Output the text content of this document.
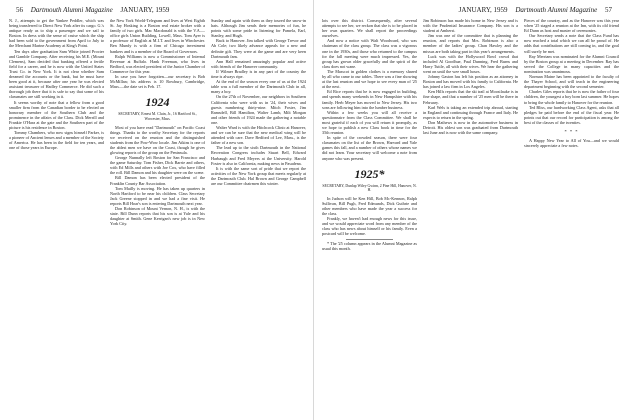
56 Dartmouth Alumni Magazine JANUARY, 1959

N. J., attempts to get the Yankee Peddler, which was being transferred to Direct New York after its cargo. G.'s antique ready as to ship a passenger and we sail to Boston. In dress with the sense of cruise which the ship had been sold to the government from April to July to the Merchant Marine Academy at King's Point.

Ten days after graduation Sam White joined Procter and Gamble Company. After receiving his M.E. (Mount Clemens), Sam decided that banking offered a fertile field for a career, and he is now with the United States Trust Co. in New York. It is not clear whether Sam dreamed the accounts or the bank, but he must have been good at it, because after one year he was elected assistant treasurer of Hadley Commerce. He did such a thorough job there that it is safe to say that some of his classmates are still working in it.

It seems worthy of note that a fellow from a good smaller firm from the Canadian border to be elected an honorary member of the Southern Club and the prominence in the affairs of the Class. Dick Merrill and Frankie O'Hara at the gate and the Southern part of the picture is his residence in Boston.

Tommy Chambers, who now signs himself Parker, is a pioneer of Ancient lenses and a member of the Society of America. He has been in the field for ten years, and one of those years in Europe.

the New York World-Telegram and lives at West Eighth St. Jay Hosking is a Boston real estate broker with a family of two girls. Mac Macdonald is with the V.A.—office girls Union Building, Lowell, Mass. Tom Ayer is a professor of English at M.I.T. and lives in Winchester. Ben Mundy is with a firm of Chicago investment bankers and is a member of the Board of Governors.

Ralph Williams is now a Commissioner of Internal Revenue at Buffalo. Hank Freeman, who lives in Bedford, was elected president of the Junior Chamber of Commerce for this year.

In case you have forgotten—our secretary is Bob McMillan; his address is 10 Rowbury, Cambridge, Mass.—the date set is Feb. 17.

1924
SECRETARY, Ernest M. Cluin, Jr., 16 Hartford St., Worcester, Mass.

Most of you have read "Dartmouth" on Pacific Coast things. Thanks to the worthy Secretary for the reports we received on the reunion and the distinguished students from the Pow-Wow locale. Jim Atkins is one of the ablest men we have on the Coast, though he gives glowing reports of the group on the Peninsula.

George Nunnally left Boston for San Francisco and the game Saturday. Tom Fisher, Dick Barrie and others, with Ed Mills and others with Joe Cox, who have filled the roll. Bill Damon and his daughter were on the scene.

Bill Damon has been elected president of the Franklin County Bar Association.

Tom Mailly is moving. He has taken up quarters in North Hartford to be near his children. Class Secretary Jack Greene stopped in and we had a fine visit. He reports Bill Hoar's son is entering Dartmouth next year.

Don Robinson of Mount Vernon, N. H., is with the state. Bill Dunn reports that his son is at Yale and his daughter at Smith. Gene Kerrigan's new job is in New York City.

Sunday and again with them as they toured the snow-in hats. Although Jim sends their memories of fun, he points with some pride in listening for Pamela, Earl, Stanley, and Hugh.

Back to Hanover. Jim talked with George Trevor and Ab Cole; two likely advance appeals for a new and definite gift. They were at the game and are very keen Dartmouth fans.

Ann Hall remained amazingly popular and active with friends of the Hanover community.

If Wilmer Bradley is in any part of the country the time is always ripe.

At the end of the season every one of us at the 1924 table was a full member of the Dartmouth Club in all, many a boy.

On the 27th of November, our neighbors in Southern California who were with us in '24, their wives and guests numbering thirty-nine. Mitch Foster, Jim Ramsdell, Bill Hamilton, Walter Lamb, Milt Morgan and other friends of 1924 made the gathering a notable one.

Walter Ward is with the Hitchcock Clinic at Hanover, and we can be sure that the new medical wing will be attended with care. Dave Bedford of Lee, Mass., is the father of a new son.

The lead up to the sixth Dartmouth in the National Recreation Congress includes Stuart Bell, Edward Harbaugh and Fred Meyers at the University. Harold Foster is also in California, making news in Pasadena.

It is with the same sort of pride that we report the activities of the New York group that meets regularly at the Dartmouth Club. Hal Brown and George Campbell are our Committee chairmen this winter.

JANUARY, 1959 Dartmouth Alumni Magazine 57

lots over this district. Consequently, after several attempts to see her, we reckon that she is to be placed in her own quarters. We shall report the proceedings ourselves.

And now a notice with Walt Woodward, who was chairman of the class group. The class was a vigorous one in the 1930s, and those who returned to the campus for the fall meeting were much impressed. Yes, the group has grown older gracefully and the spirit of the class does not wane.

The Masscot in golden clothes is a memory shared by all who came to our tables. There was a fine showing at the last reunion and we hope to see every man of '25 at the next.

Ed Rice reports that he is now engaged in building, and spends many weekends in New Hampshire with his family. Herb Meyer has moved to New Jersey. His two sons are following him into the lumber business.

Within a few weeks you will all receive a questionnaire from the Class Committee. We shall be most grateful if each of you will return it promptly, as we hope to publish a new Class book in time for the 35th reunion.

In spite of the crowded season, there were four classmates on the list of the Brown, Harvard and Yale games this fall, and a number of others whose names we did not learn. Your secretary will welcome a note from anyone who was present.

1925*
SECRETARY, Dunlap Wiley Gwinn, 2 Pine Hill, Hanover, N. H.

In Judson will be Ken Hill, Bob Mc-Kennon, Ralph Sullivan, Bill Pugh, Fred Edmunds, Dick Guthrie and other members who have made the year a success for the class.

Frankly, we haven't had enough news for this issue, and we would appreciate word from any member of the class who has news about himself or his family. Even a postcard will be welcome.

* The '25 column appears in the Alumni Magazine as usual this month.

Jim Robinson has made his home in New Jersey and is with the Prudential Insurance Company. His son is a student at Amherst.

Jim was one of the committee that is planning the reunion, and reports that Mrs. Robinson is also a member of the ladies' group. Chan Hawley and the missus are both taking part in this year's arrangements.

Luck was with the Hollywood Bowl crowd that included Al Goodhue, Paul Dunning, Fred Burns and Harry Tuttle, all with their wives. We hear the gathering went on until the wee small hours.

Johnny Gaston has left his position as an attorney in Boston and has moved with his family to California. He has joined a law firm in Los Angeles.

Ken Hills reports that the ski trail at Moosilauke is in fine shape, and that a number of '25 men will be there in February.

Karl Wels is taking an extended trip abroad, starting in England and continuing through France and Italy. He expects to return in the spring.

Don Mathews is now in the automotive business in Detroit. His oldest son was graduated from Dartmouth last June and is now with the same company.

Pieces of the country, and as the Hanover was this year when '25 staged a reunion at the Inn, with its old friend Ed Dunn as host and master of ceremonies.

Our Secretary sends a note that the Class Fund has now reached a total which we can all be proud of. He adds that contributions are still coming in, and the goal will surely be met.

Ray Merriam was nominated for the Alumni Council by the Boston group at a meeting in December. Ray has served the College in many capacities and the nomination was unanimous.

Norman Maine has been appointed to the faculty of the Thayer School, and will teach in the engineering department beginning with the second semester.

Charles Giles reports that he is now the father of four children, the youngest a boy born last summer. He hopes to bring the whole family to Hanover for the reunion.

Ted Bliss, our hardworking Class Agent, asks that all pledges be paid before the end of the fiscal year. He points out that our record for participation is among the best of the classes of the twenties.

* * *

A Happy New Year to All of You—and we would sincerely appreciate a few notes.
